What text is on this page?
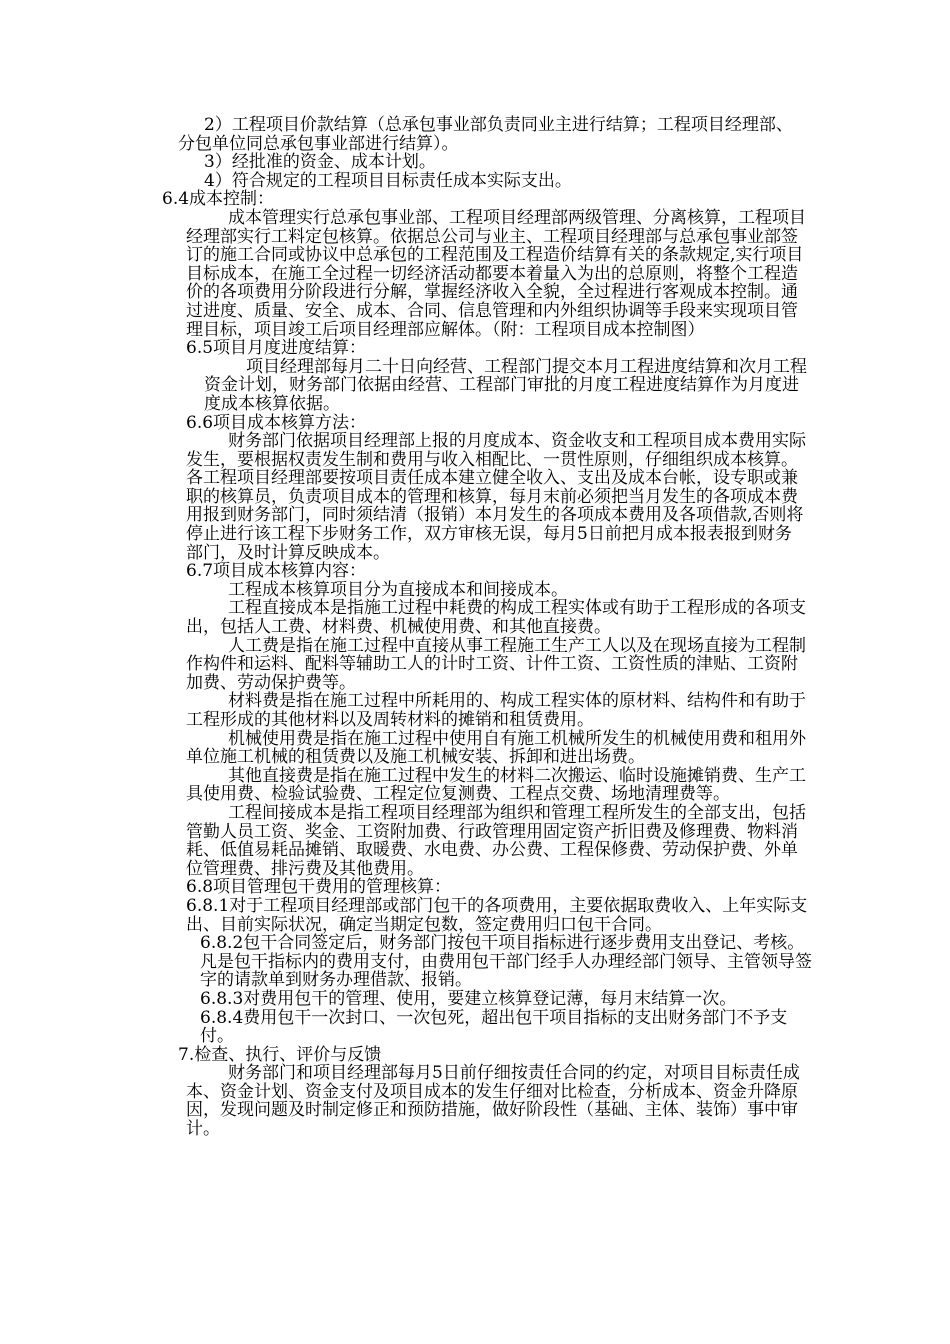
2）工程项目价款结算（总承包事业部负责同业主进行结算；工程项目经理部、分包单位同总承包事业部进行结算）。

3）经批准的资金、成本计划。

4）符合规定的工程项目目标责任成本实际支出。

6.4成本控制：

成本管理实行总承包事业部、工程项目经理部两级管理、分离核算，工程项目经理部实行工料定包核算。依据总公司与业主、工程项目经理部与总承包事业部签订的施工合同或协议中总承包的工程范围及工程造价结算有关的条款规定,实行项目目标成本，在施工全过程一切经济活动都要本着量入为出的总原则，将整个工程造价的各项费用分阶段进行分解，掌握经济收入全貌，全过程进行客观成本控制。通过进度、质量、安全、成本、合同、信息管理和内外组织协调等手段来实现项目管理目标，项目竣工后项目经理部应解体。（附：工程项目成本控制图）

6.5项目月度进度结算：

项目经理部每月二十日向经营、工程部门提交本月工程进度结算和次月工程资金计划，财务部门依据由经营、工程部门审批的月度工程进度结算作为月度进度成本核算依据。

6.6项目成本核算方法：

财务部门依据项目经理部上报的月度成本、资金收支和工程项目成本费用实际发生，要根据权责发生制和费用与收入相配比、一贯性原则，仔细组织成本核算。各工程项目经理部要按项目责任成本建立健全收入、支出及成本台帐，设专职或兼职的核算员，负责项目成本的管理和核算，每月末前必须把当月发生的各项成本费用报到财务部门，同时须结清（报销）本月发生的各项成本费用及各项借款,否则将停止进行该工程下步财务工作，双方审核无误，每月5日前把月成本报表报到财务部门，及时计算反映成本。

6.7项目成本核算内容：

工程成本核算项目分为直接成本和间接成本。

工程直接成本是指施工过程中耗费的构成工程实体或有助于工程形成的各项支出，包括人工费、材料费、机械使用费、和其他直接费。

人工费是指在施工过程中直接从事工程施工生产工人以及在现场直接为工程制作构件和运料、配料等辅助工人的计时工资、计件工资、工资性质的津贴、工资附加费、劳动保护费等。

材料费是指在施工过程中所耗用的、构成工程实体的原材料、结构件和有助于工程形成的其他材料以及周转材料的摊销和租赁费用。

机械使用费是指在施工过程中使用自有施工机械所发生的机械使用费和租用外单位施工机械的租赁费以及施工机械安装、拆卸和进出场费。

其他直接费是指在施工过程中发生的材料二次搬运、临时设施摊销费、生产工具使用费、检验试验费、工程定位复测费、工程点交费、场地清理费等。

工程间接成本是指工程项目经理部为组织和管理工程所发生的全部支出，包括管勤人员工资、奖金、工资附加费、行政管理用固定资产折旧费及修理费、物料消耗、低值易耗品摊销、取暖费、水电费、办公费、工程保修费、劳动保护费、外单位管理费、排污费及其他费用。

6.8项目管理包干费用的管理核算：

6.8.1对于工程项目经理部或部门包干的各项费用，主要依据取费收入、上年实际支出、目前实际状况，确定当期定包数，签定费用归口包干合同。

6.8.2包干合同签定后，财务部门按包干项目指标进行逐步费用支出登记、考核。凡是包干指标内的费用支付，由费用包干部门经手人办理经部门领导、主管领导签字的请款单到财务办理借款、报销。

6.8.3对费用包干的管理、使用，要建立核算登记薄，每月末结算一次。

6.8.4费用包干一次封口、一次包死，超出包干项目指标的支出财务部门不予支付。

7.检查、执行、评价与反馈

财务部门和项目经理部每月5日前仔细按责任合同的约定，对项目目标责任成本、资金计划、资金支付及项目成本的发生仔细对比检查，分析成本、资金升降原因，发现问题及时制定修正和预防措施，做好阶段性（基础、主体、装饰）事中审计。
